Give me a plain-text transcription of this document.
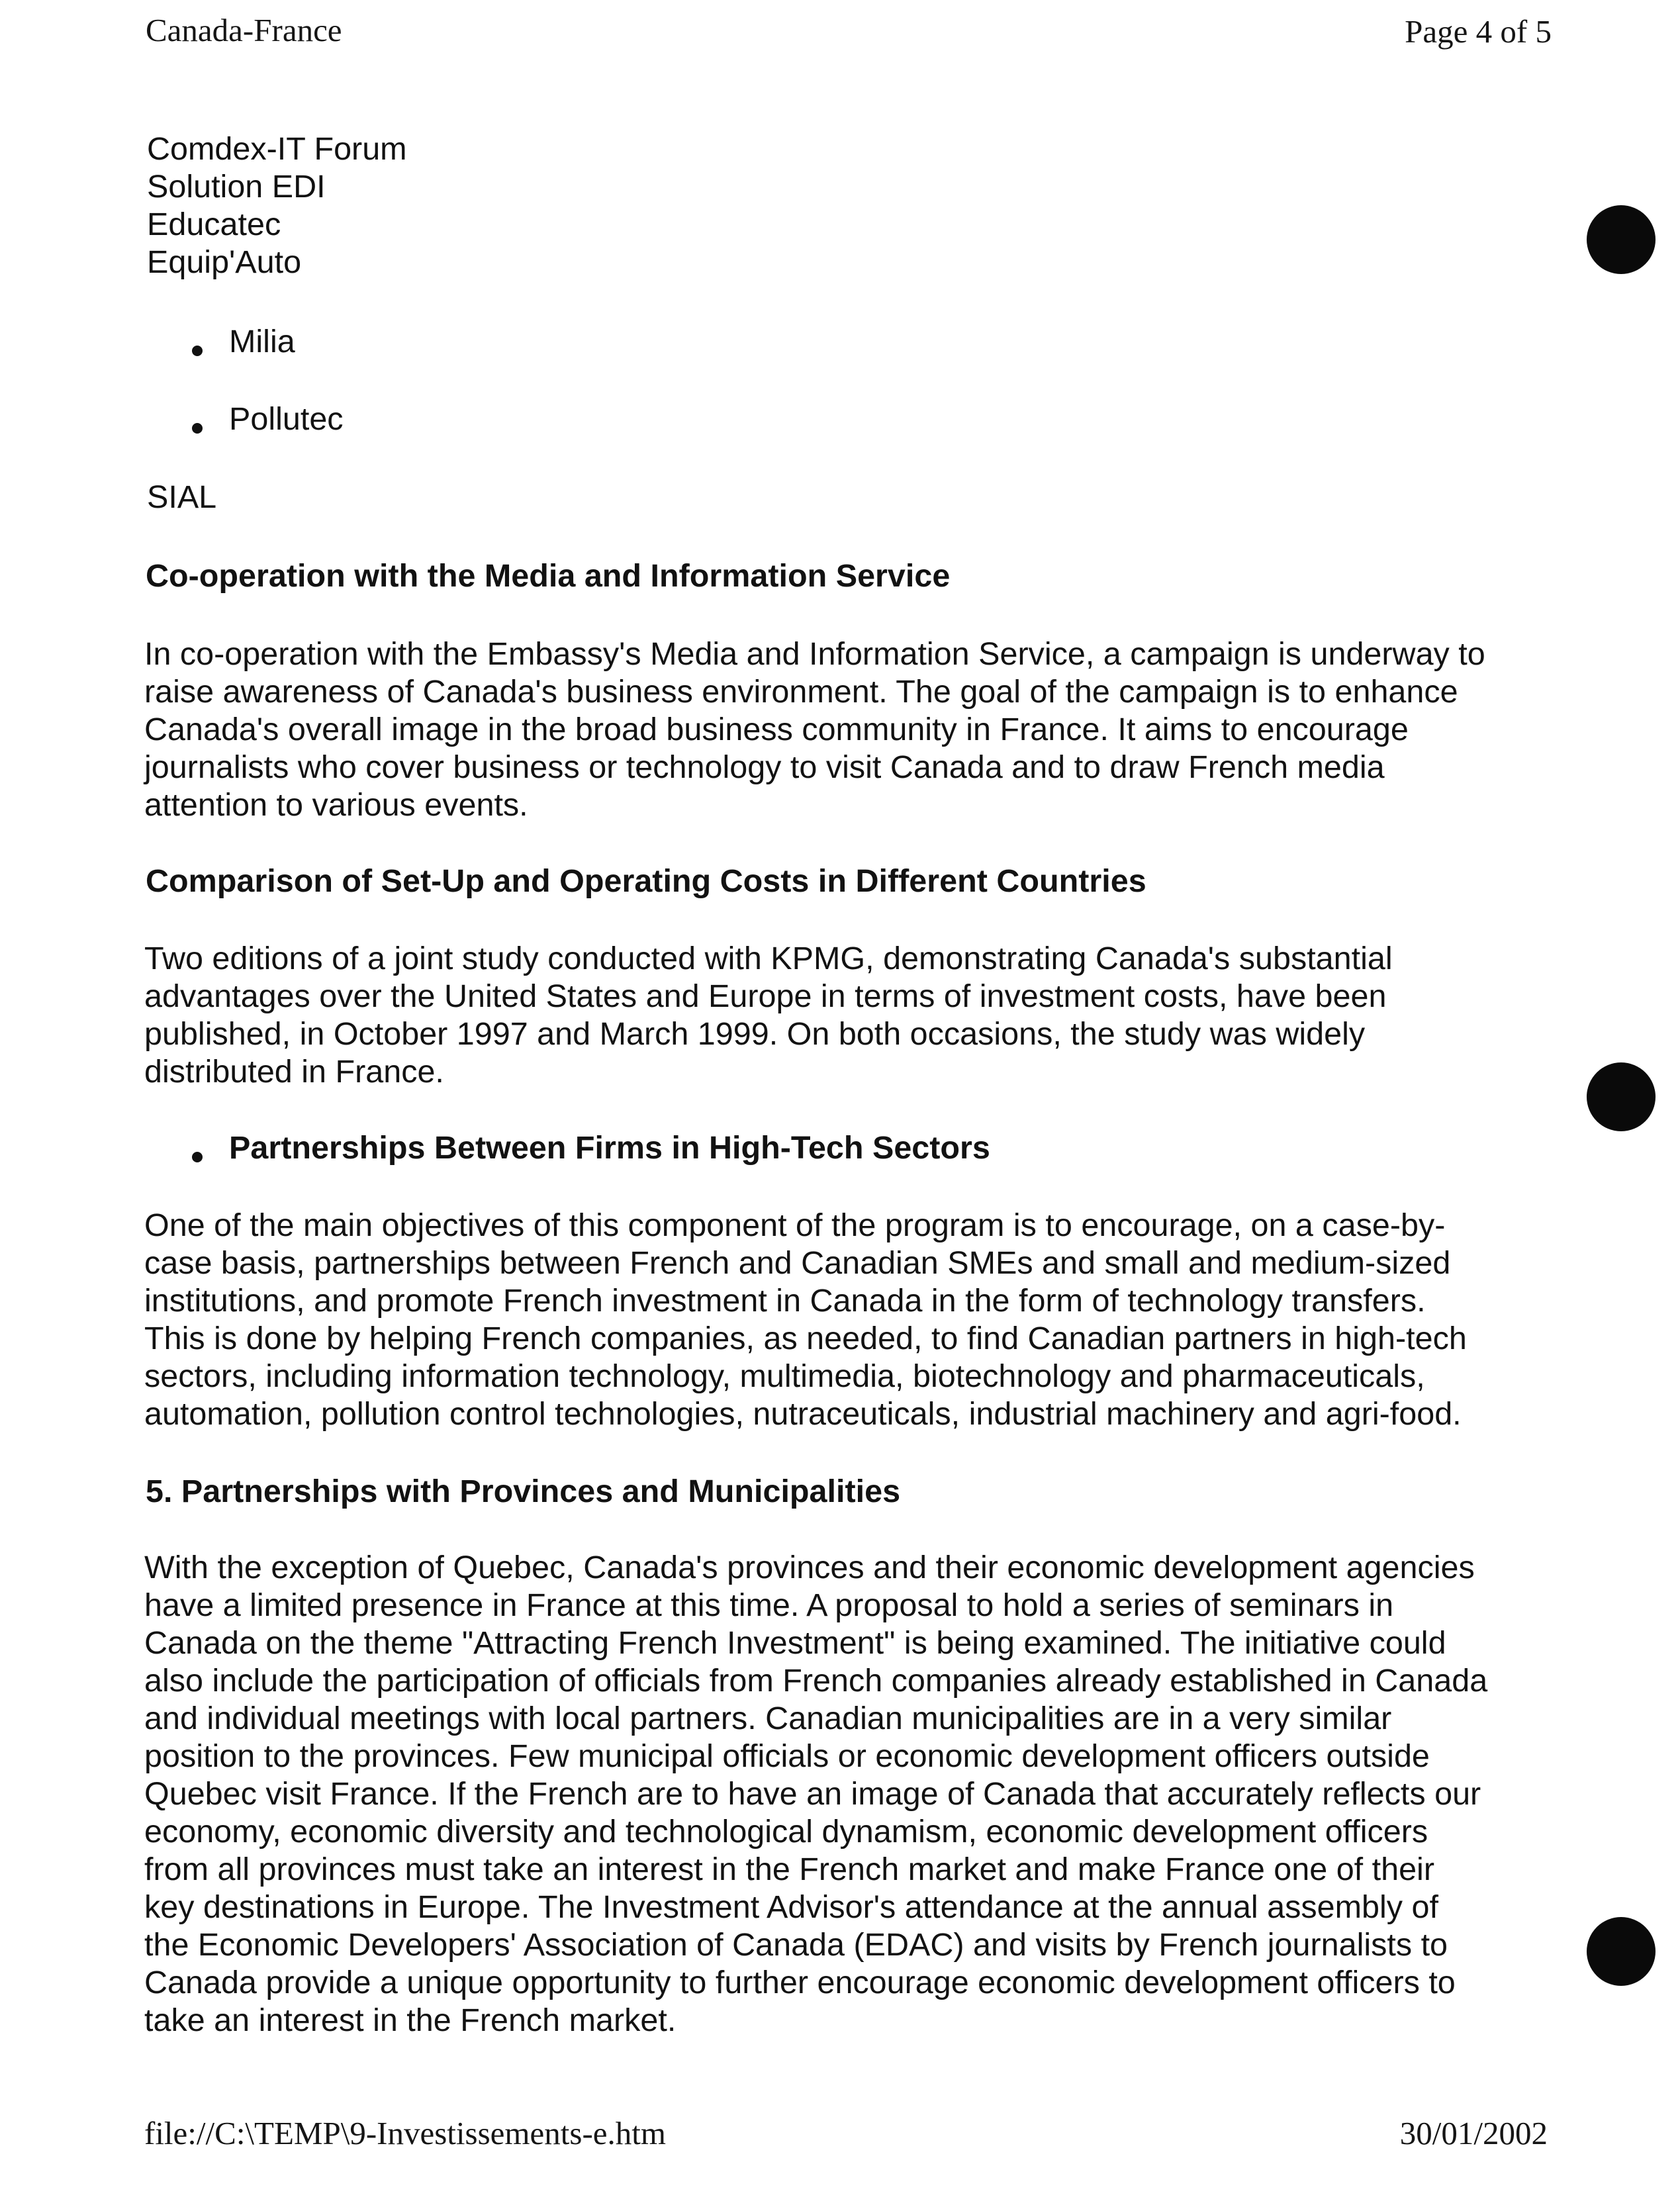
Canada-France	Page 4 of 5
Comdex-IT Forum
Solution EDI
Educatec
Equip'Auto
Milia
Pollutec
SIAL
Co-operation with the Media and Information Service

In co-operation with the Embassy's Media and Information Service, a campaign is underway to
raise awareness of Canada's business environment. The goal of the campaign is to enhance
Canada's overall image in the broad business community in France. It aims to encourage
journalists who cover business or technology to visit Canada and to draw French media
attention to various events.

Comparison of Set-Up and Operating Costs in Different Countries

Two editions of a joint study conducted with KPMG, demonstrating Canada's substantial
advantages over the United States and Europe in terms of investment costs, have been
published, in October 1997 and March 1999. On both occasions, the study was widely
distributed in France.

Partnerships Between Firms in High-Tech Sectors

One of the main objectives of this component of the program is to encourage, on a case-by-
case basis, partnerships between French and Canadian SMEs and small and medium-sized
institutions, and promote French investment in Canada in the form of technology transfers.
This is done by helping French companies, as needed, to find Canadian partners in high-tech
sectors, including information technology, multimedia, biotechnology and pharmaceuticals,
automation, pollution control technologies, nutraceuticals, industrial machinery and agri-food.

5. Partnerships with Provinces and Municipalities

With the exception of Quebec, Canada's provinces and their economic development agencies
have a limited presence in France at this time. A proposal to hold a series of seminars in
Canada on the theme "Attracting French Investment" is being examined. The initiative could
also include the participation of officials from French companies already established in Canada
and individual meetings with local partners. Canadian municipalities are in a very similar
position to the provinces. Few municipal officials or economic development officers outside
Quebec visit France. If the French are to have an image of Canada that accurately reflects our
economy, economic diversity and technological dynamism, economic development officers
from all provinces must take an interest in the French market and make France one of their
key destinations in Europe. The Investment Advisor's attendance at the annual assembly of
the Economic Developers' Association of Canada (EDAC) and visits by French journalists to
Canada provide a unique opportunity to further encourage economic development officers to
take an interest in the French market.

file://C:\TEMP\9-Investissements-e.htm	30/01/2002
